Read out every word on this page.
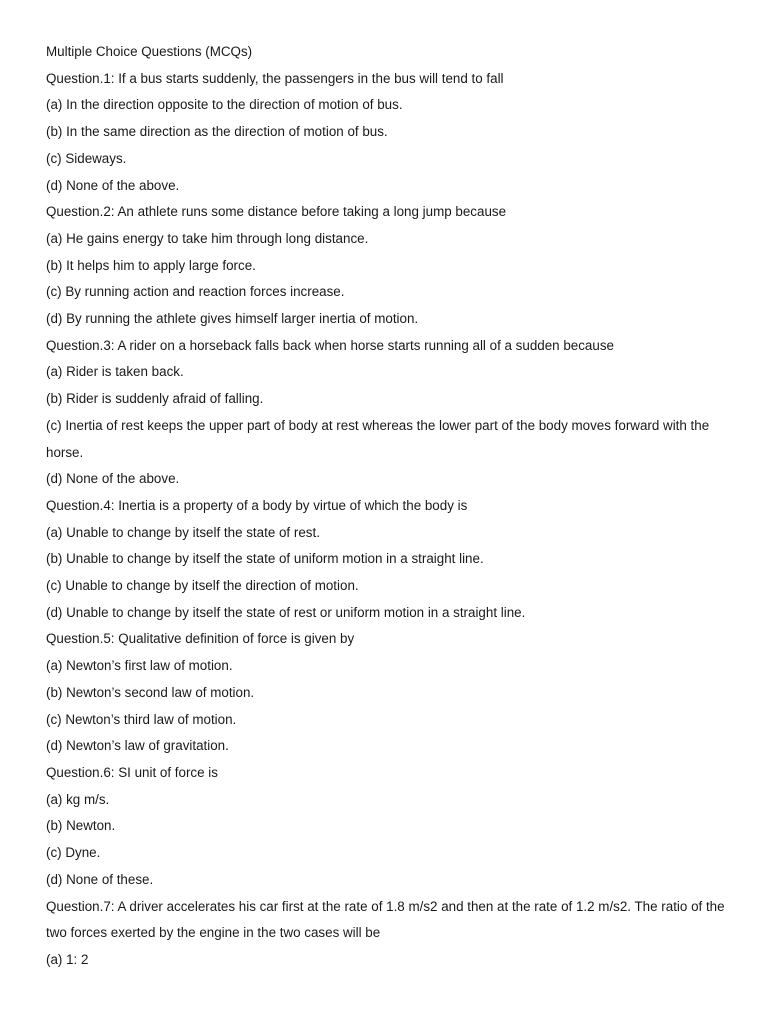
Multiple Choice Questions (MCQs)
Question.1: If a bus starts suddenly, the passengers in the bus will tend to fall
(a) In the direction opposite to the direction of motion of bus.
(b) In the same direction as the direction of motion of bus.
(c) Sideways.
(d) None of the above.
Question.2: An athlete runs some distance before taking a long jump because
(a) He gains energy to take him through long distance.
(b) It helps him to apply large force.
(c) By running action and reaction forces increase.
(d) By running the athlete gives himself larger inertia of motion.
Question.3: A rider on a horseback falls back when horse starts running all of a sudden because
(a) Rider is taken back.
(b) Rider is suddenly afraid of falling.
(c) Inertia of rest keeps the upper part of body at rest whereas the lower part of the body moves forward with the horse.
(d) None of the above.
Question.4: Inertia is a property of a body by virtue of which the body is
(a) Unable to change by itself the state of rest.
(b) Unable to change by itself the state of uniform motion in a straight line.
(c) Unable to change by itself the direction of motion.
(d) Unable to change by itself the state of rest or uniform motion in a straight line.
Question.5: Qualitative definition of force is given by
(a) Newton’s first law of motion.
(b) Newton’s second law of motion.
(c) Newton’s third law of motion.
(d) Newton’s law of gravitation.
Question.6: SI unit of force is
(a) kg m/s.
(b) Newton.
(c) Dyne.
(d) None of these.
Question.7: A driver accelerates his car first at the rate of 1.8 m/s2 and then at the rate of 1.2 m/s2. The ratio of the two forces exerted by the engine in the two cases will be
(a) 1: 2
